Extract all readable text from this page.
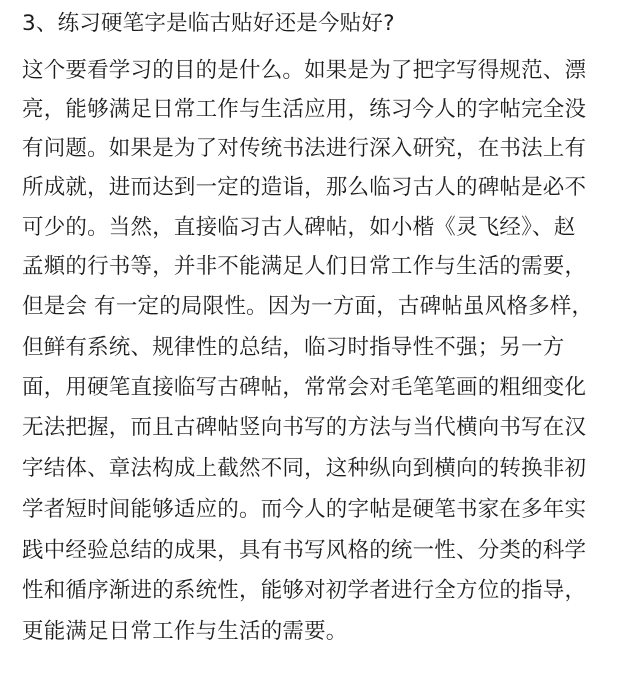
3、练习硬笔字是临古贴好还是今贴好?
这个要看学习的目的是什么。如果是为了把字写得规范、漂
亮，能够满足日常工作与生活应用，练习今人的字帖完全没
有问题。如果是为了对传统书法进行深入研究，在书法上有
所成就，进而达到一定的造诣，那么临习古人的碑帖是必不
可少的。当然，直接临习古人碑帖，如小楷《灵飞经》、赵
孟頫的行书等，并非不能满足人们日常工作与生活的需要，
但是会 有一定的局限性。因为一方面，古碑帖虽风格多样，
但鲜有系统、规律性的总结，临习时指导性不强；另一方
面，用硬笔直接临写古碑帖，常常会对毛笔笔画的粗细变化
无法把握，而且古碑帖竖向书写的方法与当代横向书写在汉
字结体、章法构成上截然不同，这种纵向到横向的转换非初
学者短时间能够适应的。而今人的字帖是硬笔书家在多年实
践中经验总结的成果，具有书写风格的统一性、分类的科学
性和循序渐进的系统性，能够对初学者进行全方位的指导，
更能满足日常工作与生活的需要。
